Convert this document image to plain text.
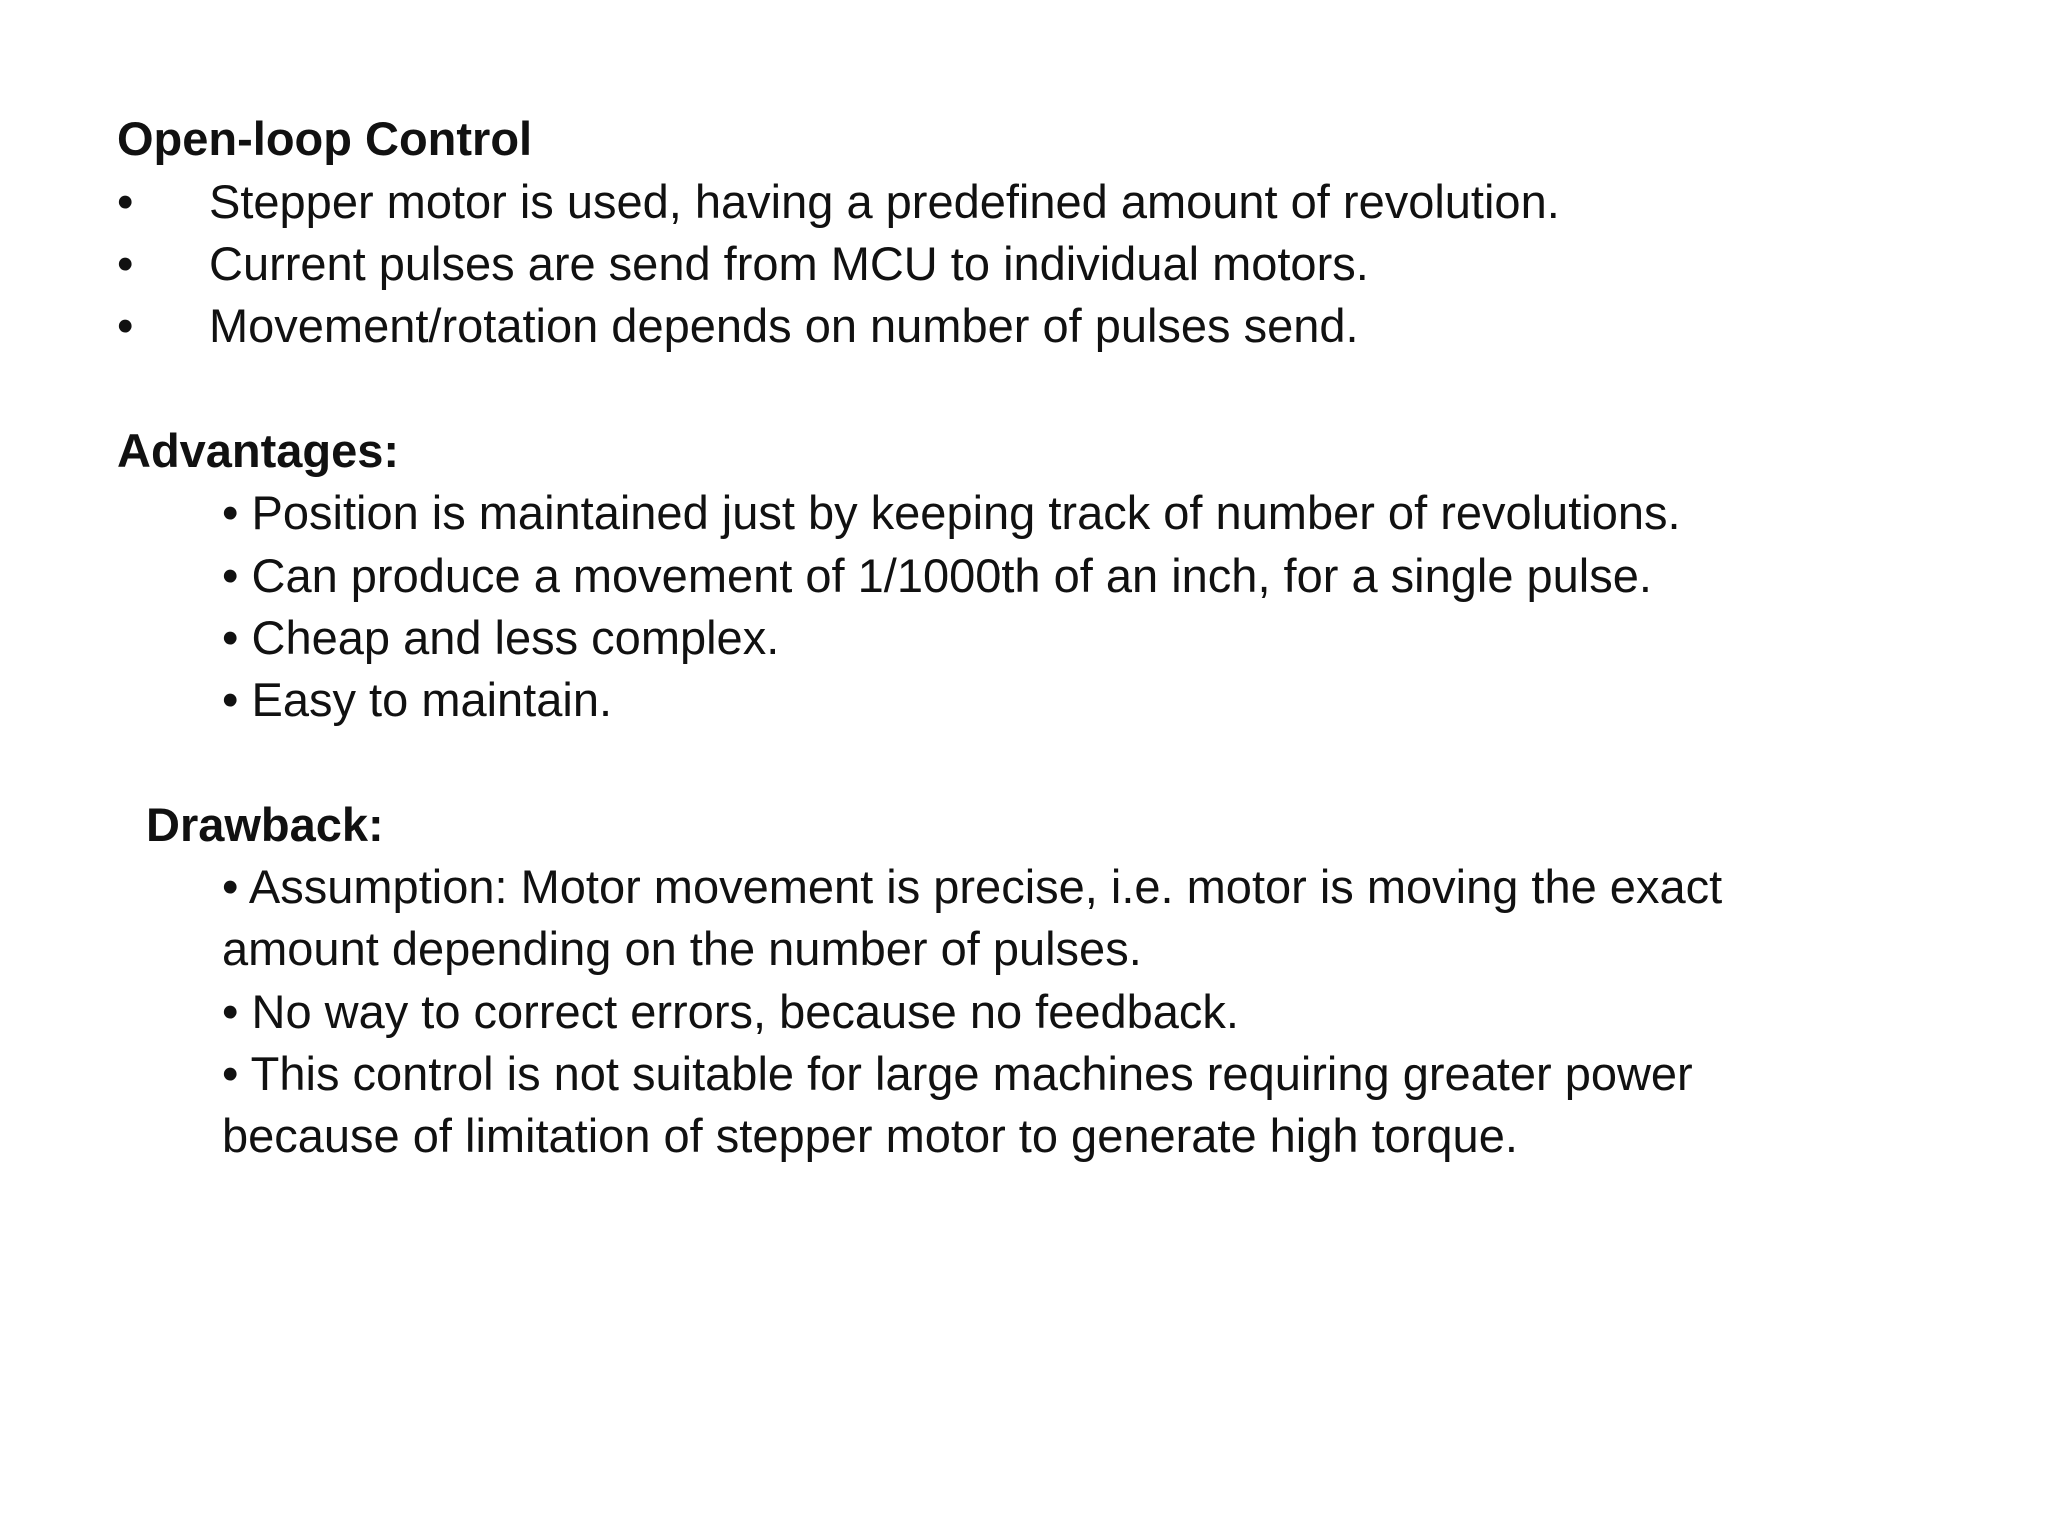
Open-loop Control
• Stepper motor is used, having a predefined amount of revolution.
• Current pulses are send from MCU to individual motors.
• Movement/rotation depends on number of pulses send.
Advantages:
• Position is maintained just by keeping track of number of revolutions.
• Can produce a movement of 1/1000th of an inch, for a single pulse.
• Cheap and less complex.
• Easy to maintain.
Drawback:
• Assumption: Motor movement is precise, i.e. motor is moving the exact
amount depending on the number of pulses.
• No way to correct errors, because no feedback.
• This control is not suitable for large machines requiring greater power
because of limitation of stepper motor to generate high torque.
